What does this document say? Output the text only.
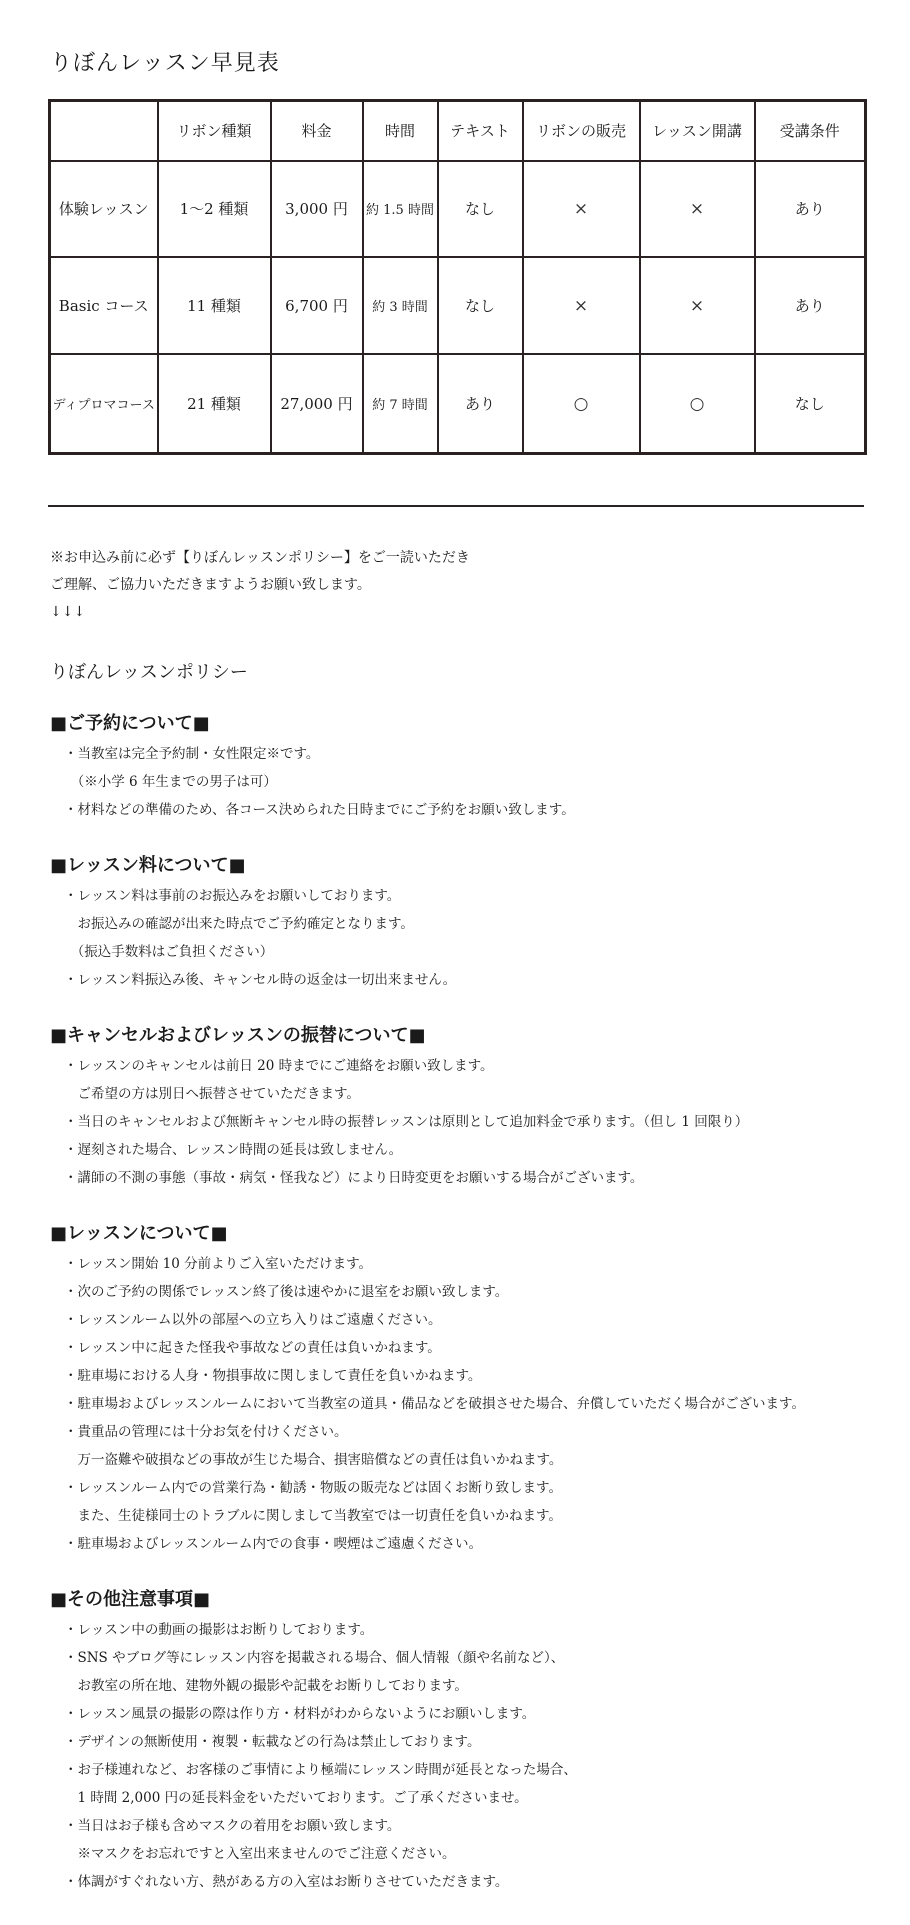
りぼんレッスン早見表
	リボン種類	料金	時間	テキスト	リボンの販売	レッスン開講	受講条件
体験レッスン	1～2 種類	3,000 円	約 1.5 時間	なし	×	×	あり
Basic コース	11 種類	6,700 円	約 3 時間	なし	×	×	あり
ディプロマコース	21 種類	27,000 円	約 7 時間	あり	○	○	なし
※お申込み前に必ず【りぼんレッスンポリシー】をご一読いただき
ご理解、ご協力いただきますようお願い致します。
↓↓↓
りぼんレッスンポリシー
■ご予約について■
・当教室は完全予約制・女性限定※です。
　（※小学 6 年生までの男子は可）
・材料などの準備のため、各コース決められた日時までにご予約をお願い致します。
■レッスン料について■
・レッスン料は事前のお振込みをお願いしております。
　お振込みの確認が出来た時点でご予約確定となります。
　（振込手数料はご負担ください）
・レッスン料振込み後、キャンセル時の返金は一切出来ません。
■キャンセルおよびレッスンの振替について■
・レッスンのキャンセルは前日 20 時までにご連絡をお願い致します。
　ご希望の方は別日へ振替させていただきます。
・当日のキャンセルおよび無断キャンセル時の振替レッスンは原則として追加料金で承ります。（但し 1 回限り）
・遅刻された場合、レッスン時間の延長は致しません。
・講師の不測の事態（事故・病気・怪我など）により日時変更をお願いする場合がございます。
■レッスンについて■
・レッスン開始 10 分前よりご入室いただけます。
・次のご予約の関係でレッスン終了後は速やかに退室をお願い致します。
・レッスンルーム以外の部屋への立ち入りはご遠慮ください。
・レッスン中に起きた怪我や事故などの責任は負いかねます。
・駐車場における人身・物損事故に関しまして責任を負いかねます。
・駐車場およびレッスンルームにおいて当教室の道具・備品などを破損させた場合、弁償していただく場合がございます。
・貴重品の管理には十分お気を付けください。
　万一盗難や破損などの事故が生じた場合、損害賠償などの責任は負いかねます。
・レッスンルーム内での営業行為・勧誘・物販の販売などは固くお断り致します。
　また、生徒様同士のトラブルに関しまして当教室では一切責任を負いかねます。
・駐車場およびレッスンルーム内での食事・喫煙はご遠慮ください。
■その他注意事項■
・レッスン中の動画の撮影はお断りしております。
・SNS やブログ等にレッスン内容を掲載される場合、個人情報（顔や名前など）、
　お教室の所在地、建物外観の撮影や記載をお断りしております。
・レッスン風景の撮影の際は作り方・材料がわからないようにお願いします。
・デザインの無断使用・複製・転載などの行為は禁止しております。
・お子様連れなど、お客様のご事情により極端にレッスン時間が延長となった場合、
　1 時間 2,000 円の延長料金をいただいております。ご了承くださいませ。
・当日はお子様も含めマスクの着用をお願い致します。
　※マスクをお忘れですと入室出来ませんのでご注意ください。
・体調がすぐれない方、熱がある方の入室はお断りさせていただきます。
